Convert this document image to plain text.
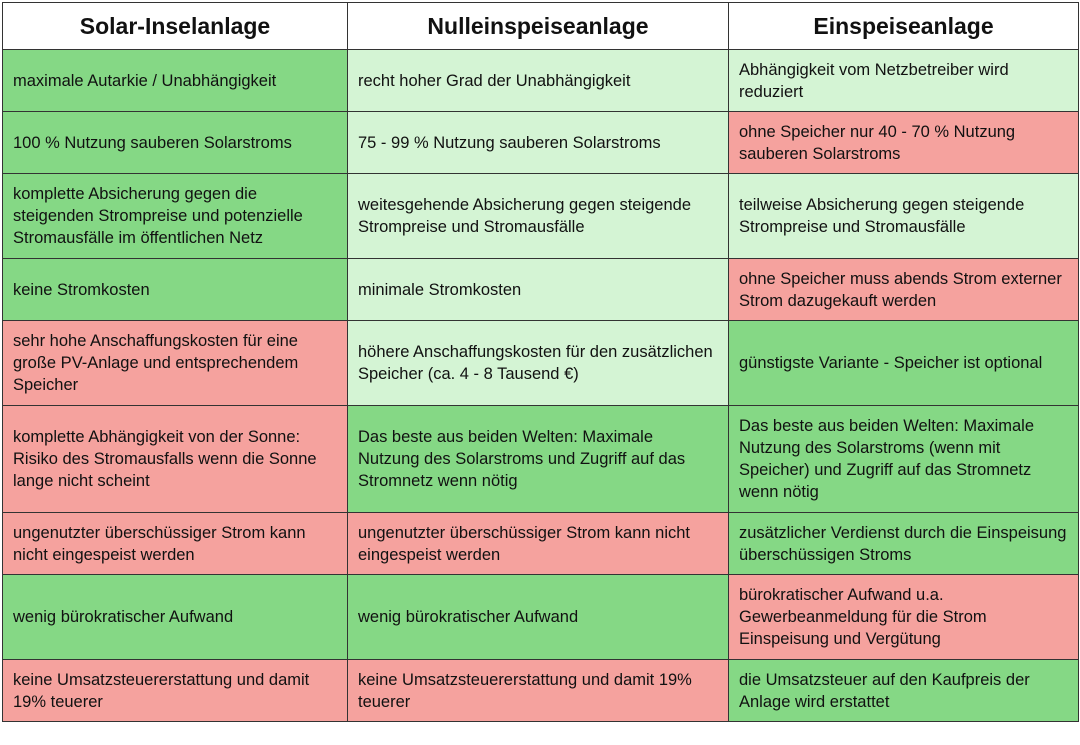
Solar-Inselanlage	Nulleinspeiseanlage	Einspeiseanlage
maximale Autarkie / Unabhängigkeit	recht hoher Grad der Unabhängigkeit	Abhängigkeit vom Netzbetreiber wird reduziert
100 % Nutzung sauberen Solarstroms	75 - 99 % Nutzung sauberen Solarstroms	ohne Speicher nur 40 - 70 % Nutzung sauberen Solarstroms
komplette Absicherung gegen die steigenden Strompreise und potenzielle Stromausfälle im öffentlichen Netz	weitesgehende Absicherung gegen steigende Strompreise und Stromausfälle	teilweise Absicherung gegen steigende Strompreise und Stromausfälle
keine Stromkosten	minimale Stromkosten	ohne Speicher muss abends Strom externer Strom dazugekauft werden
sehr hohe Anschaffungskosten für eine große PV-Anlage und entsprechendem Speicher	höhere Anschaffungskosten für den zusätzlichen Speicher (ca. 4 - 8 Tausend €)	günstigste Variante - Speicher ist optional
komplette Abhängigkeit von der Sonne: Risiko des Stromausfalls wenn die Sonne lange nicht scheint	Das beste aus beiden Welten: Maximale Nutzung des Solarstroms und Zugriff auf das Stromnetz wenn nötig	Das beste aus beiden Welten: Maximale Nutzung des Solarstroms (wenn mit Speicher) und Zugriff auf das Stromnetz wenn nötig
ungenutzter überschüssiger Strom kann nicht eingespeist werden	ungenutzter überschüssiger Strom kann nicht eingespeist werden	zusätzlicher Verdienst durch die Einspeisung überschüssigen Stroms
wenig bürokratischer Aufwand	wenig bürokratischer Aufwand	bürokratischer Aufwand u.a. Gewerbeanmeldung für die Strom Einspeisung und Vergütung
keine Umsatzsteuererstattung und damit 19% teuerer	keine Umsatzsteuererstattung und damit 19% teuerer	die Umsatzsteuer auf den Kaufpreis der Anlage wird erstattet
